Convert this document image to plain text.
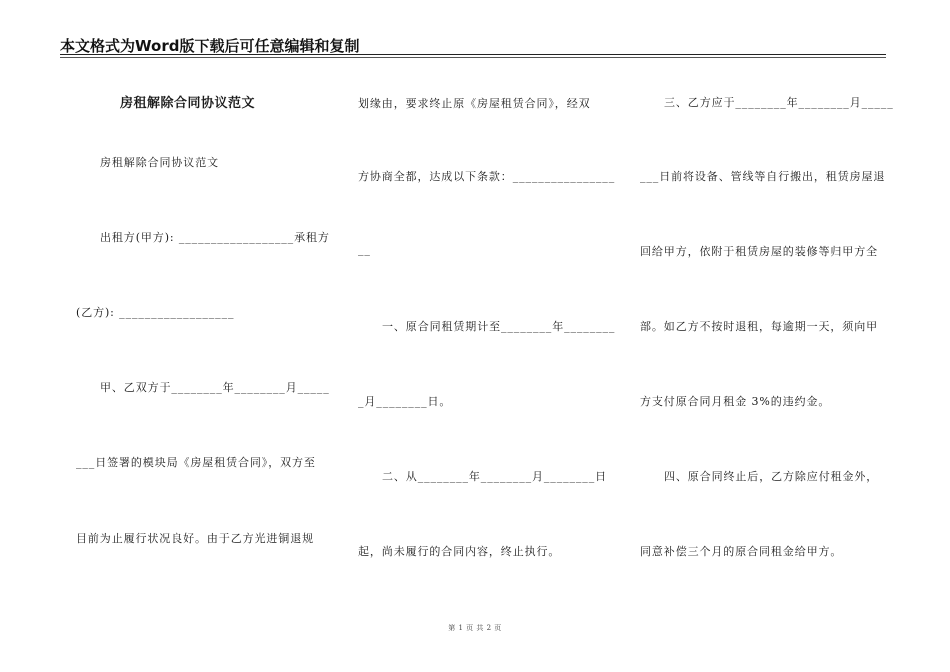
本文格式为Word版下载后可任意编辑和复制
房租解除合同协议范文
房租解除合同协议范文
出租方(甲方): __________________承租方
(乙方): __________________
甲、乙双方于________年________月_____
___日签署的模块局《房屋租赁合同》，双方至
目前为止履行状况良好。由于乙方光进铜退规
划缘由，要求终止原《房屋租赁合同》，经双
方协商全都，达成以下条款：________________
__
一、原合同租赁期计至________年________
_月________日。
二、从________年________月________日
起，尚未履行的合同内容，终止执行。
三、乙方应于________年________月_____
___日前将设备、管线等自行搬出，租赁房屋退
回给甲方，依附于租赁房屋的装修等归甲方全
部。如乙方不按时退租，每逾期一天，须向甲
方支付原合同月租金 3%的违约金。
四、原合同终止后，乙方除应付租金外，
同意补偿三个月的原合同租金给甲方。
第 1 页 共 2 页
